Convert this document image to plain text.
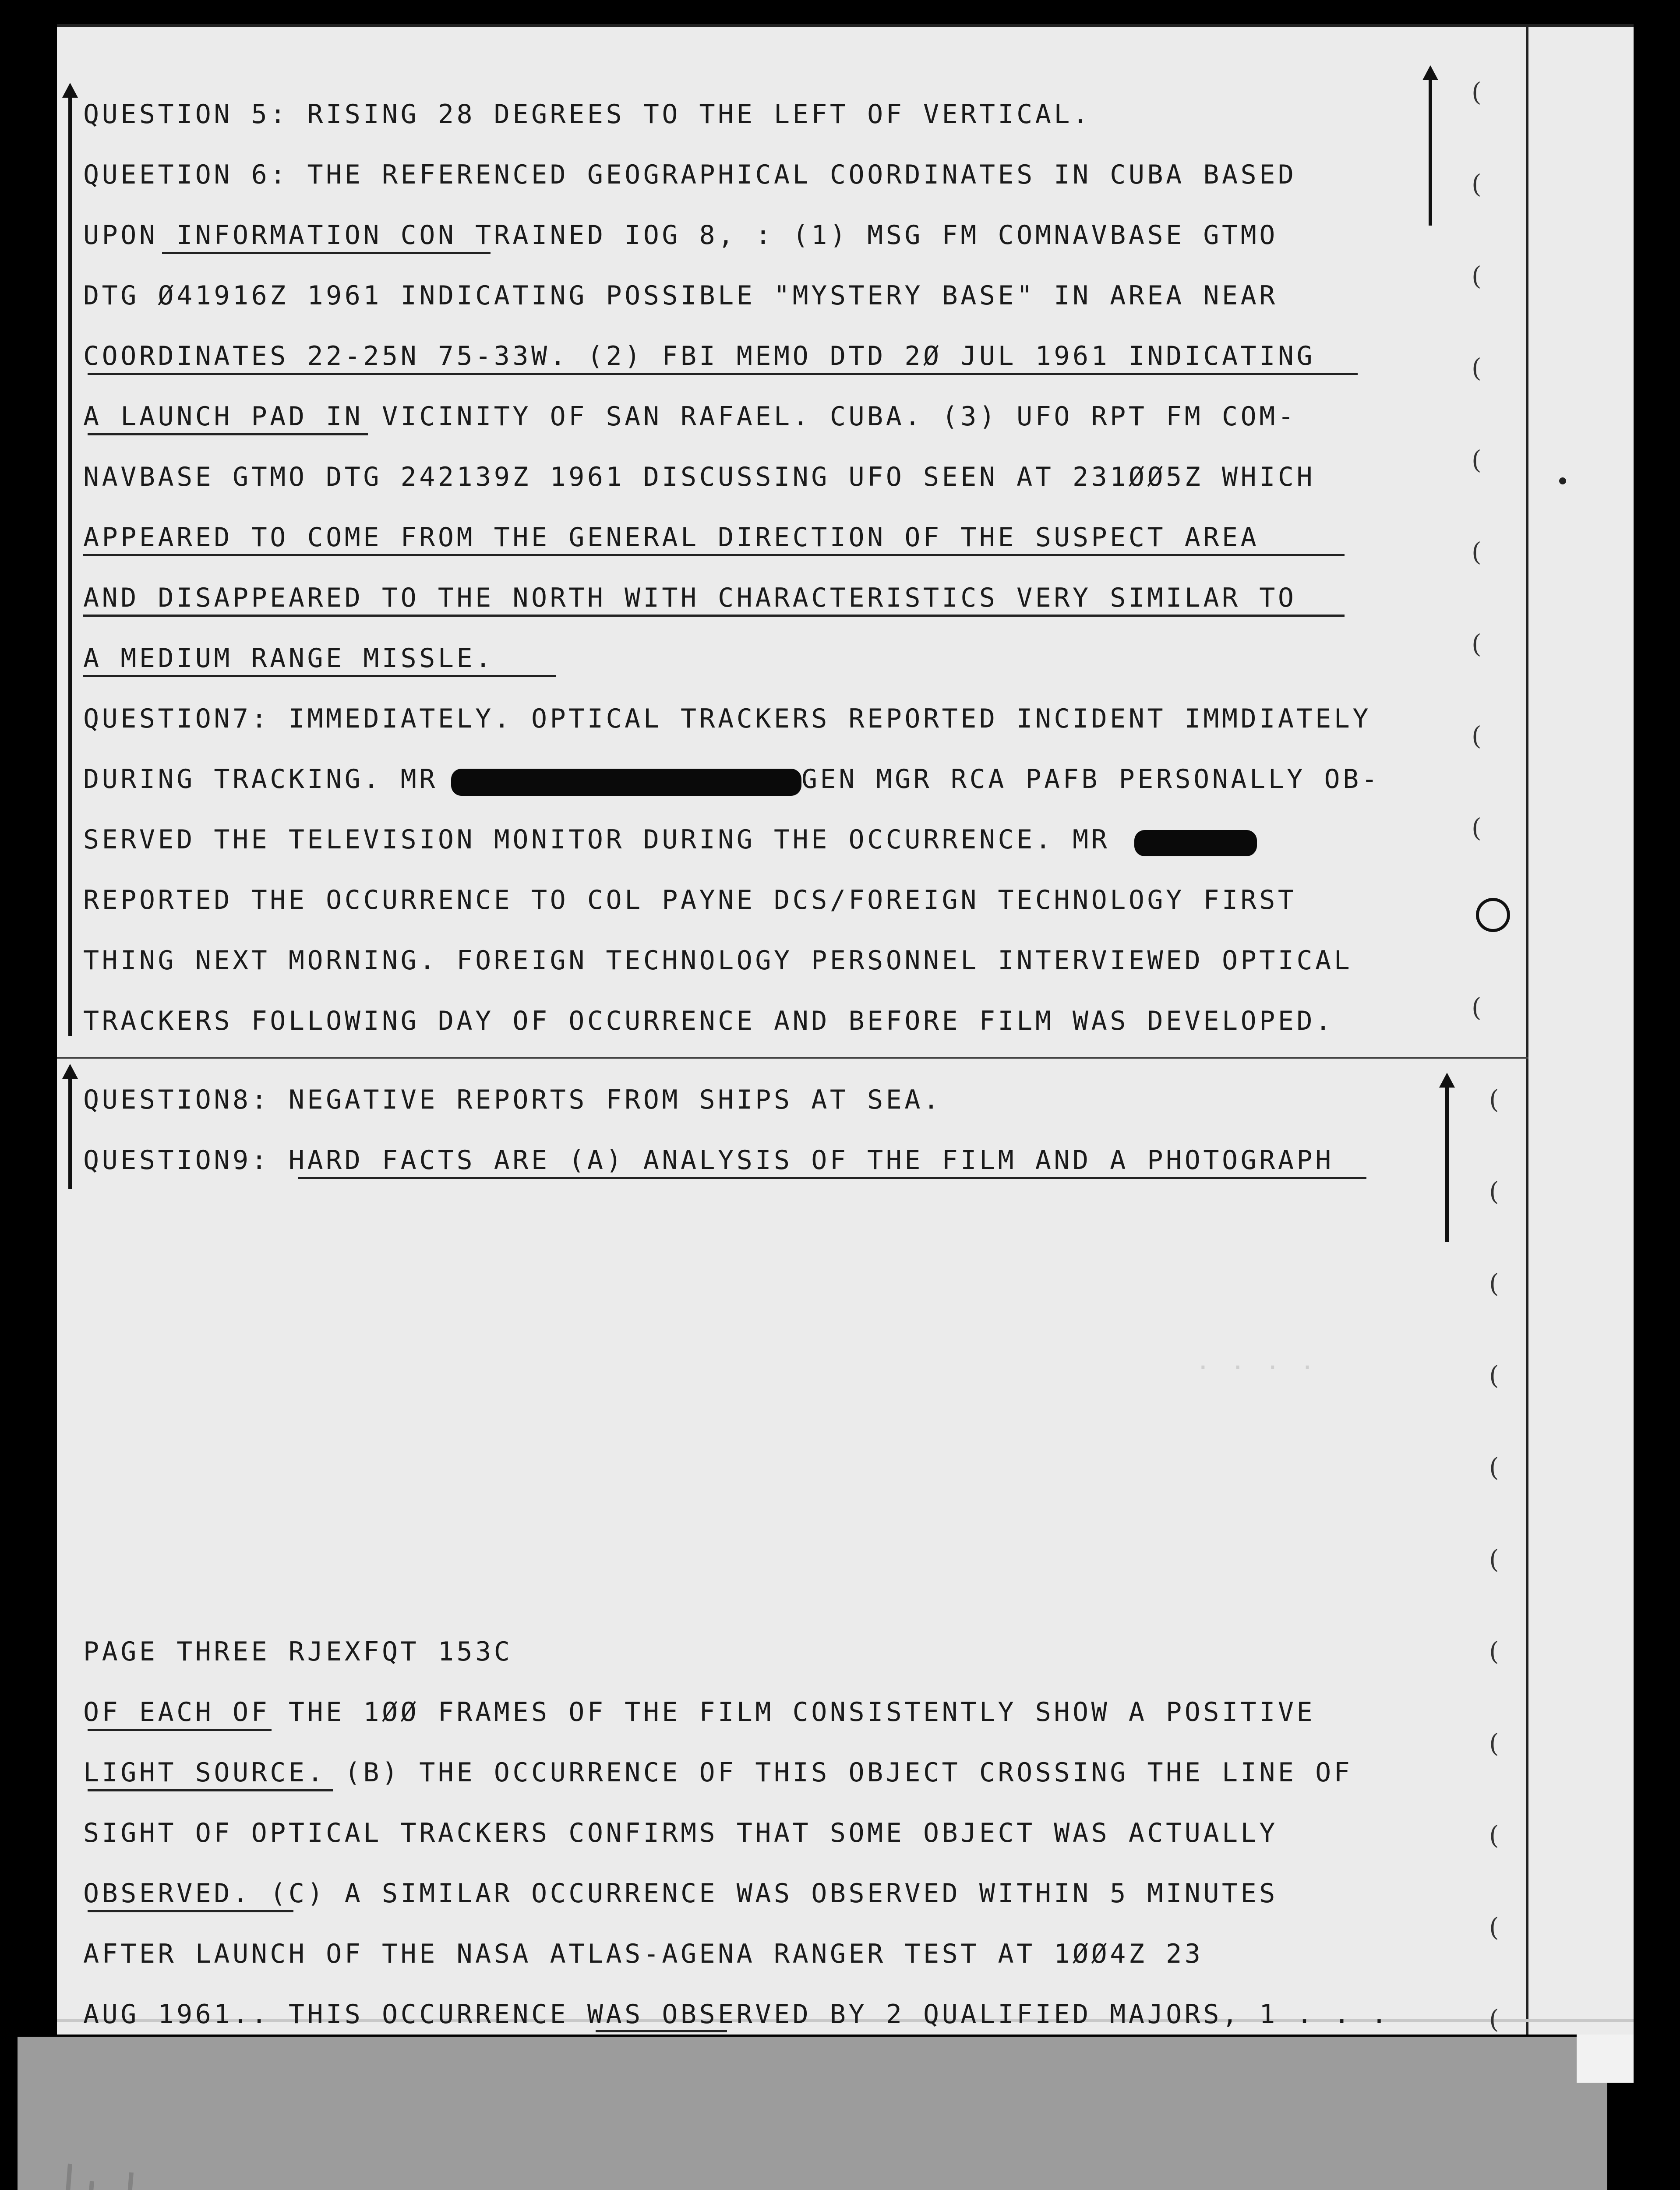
QUESTION 5: RISING 28 DEGREES TO THE LEFT OF VERTICAL.
QUEETION 6: THE REFERENCED GEOGRAPHICAL COORDINATES IN CUBA BASED
UPON INFORMATION CON TRAINED IOG 8, : (1) MSG FM COMNAVBASE GTMO
DTG Ø41916Z 1961 INDICATING POSSIBLE "MYSTERY BASE" IN AREA NEAR
COORDINATES 22-25N 75-33W. (2) FBI MEMO DTD 2Ø JUL 1961 INDICATING
A LAUNCH PAD IN VICINITY OF SAN RAFAEL. CUBA. (3) UFO RPT FM COM-
NAVBASE GTMO DTG 242139Z 1961 DISCUSSING UFO SEEN AT 231ØØ5Z WHICH
APPEARED TO COME FROM THE GENERAL DIRECTION OF THE SUSPECT AREA
AND DISAPPEARED TO THE NORTH WITH CHARACTERISTICS VERY SIMILAR TO
A MEDIUM RANGE MISSLE.
QUESTION7: IMMEDIATELY. OPTICAL TRACKERS REPORTED INCIDENT IMMDIATELY
DURING TRACKING. MR	GEN MGR RCA PAFB PERSONALLY OB-
SERVED THE TELEVISION MONITOR DURING THE OCCURRENCE. MR
REPORTED THE OCCURRENCE TO COL PAYNE DCS/FOREIGN TECHNOLOGY FIRST
THING NEXT MORNING. FOREIGN TECHNOLOGY PERSONNEL INTERVIEWED OPTICAL
TRACKERS FOLLOWING DAY OF OCCURRENCE AND BEFORE FILM WAS DEVELOPED.
QUESTION8: NEGATIVE REPORTS FROM SHIPS AT SEA.
QUESTION9: HARD FACTS ARE (A) ANALYSIS OF THE FILM AND A PHOTOGRAPH
. . . .
PAGE THREE RJEXFQT 153C
OF EACH OF THE 1ØØ FRAMES OF THE FILM CONSISTENTLY SHOW A POSITIVE
LIGHT SOURCE. (B) THE OCCURRENCE OF THIS OBJECT CROSSING THE LINE OF
SIGHT OF OPTICAL TRACKERS CONFIRMS THAT SOME OBJECT WAS ACTUALLY
OBSERVED. (C) A SIMILAR OCCURRENCE WAS OBSERVED WITHIN 5 MINUTES
AFTER LAUNCH OF THE NASA ATLAS-AGENA RANGER TEST AT 1ØØ4Z 23
AUG 1961.. THIS OCCURRENCE WAS OBSERVED BY 2 QUALIFIED MAJORS, 1 . . .
(
(
(
(
(
(
(
(
(
(
(
(
(
(
(
(
(
(
(
(
(
